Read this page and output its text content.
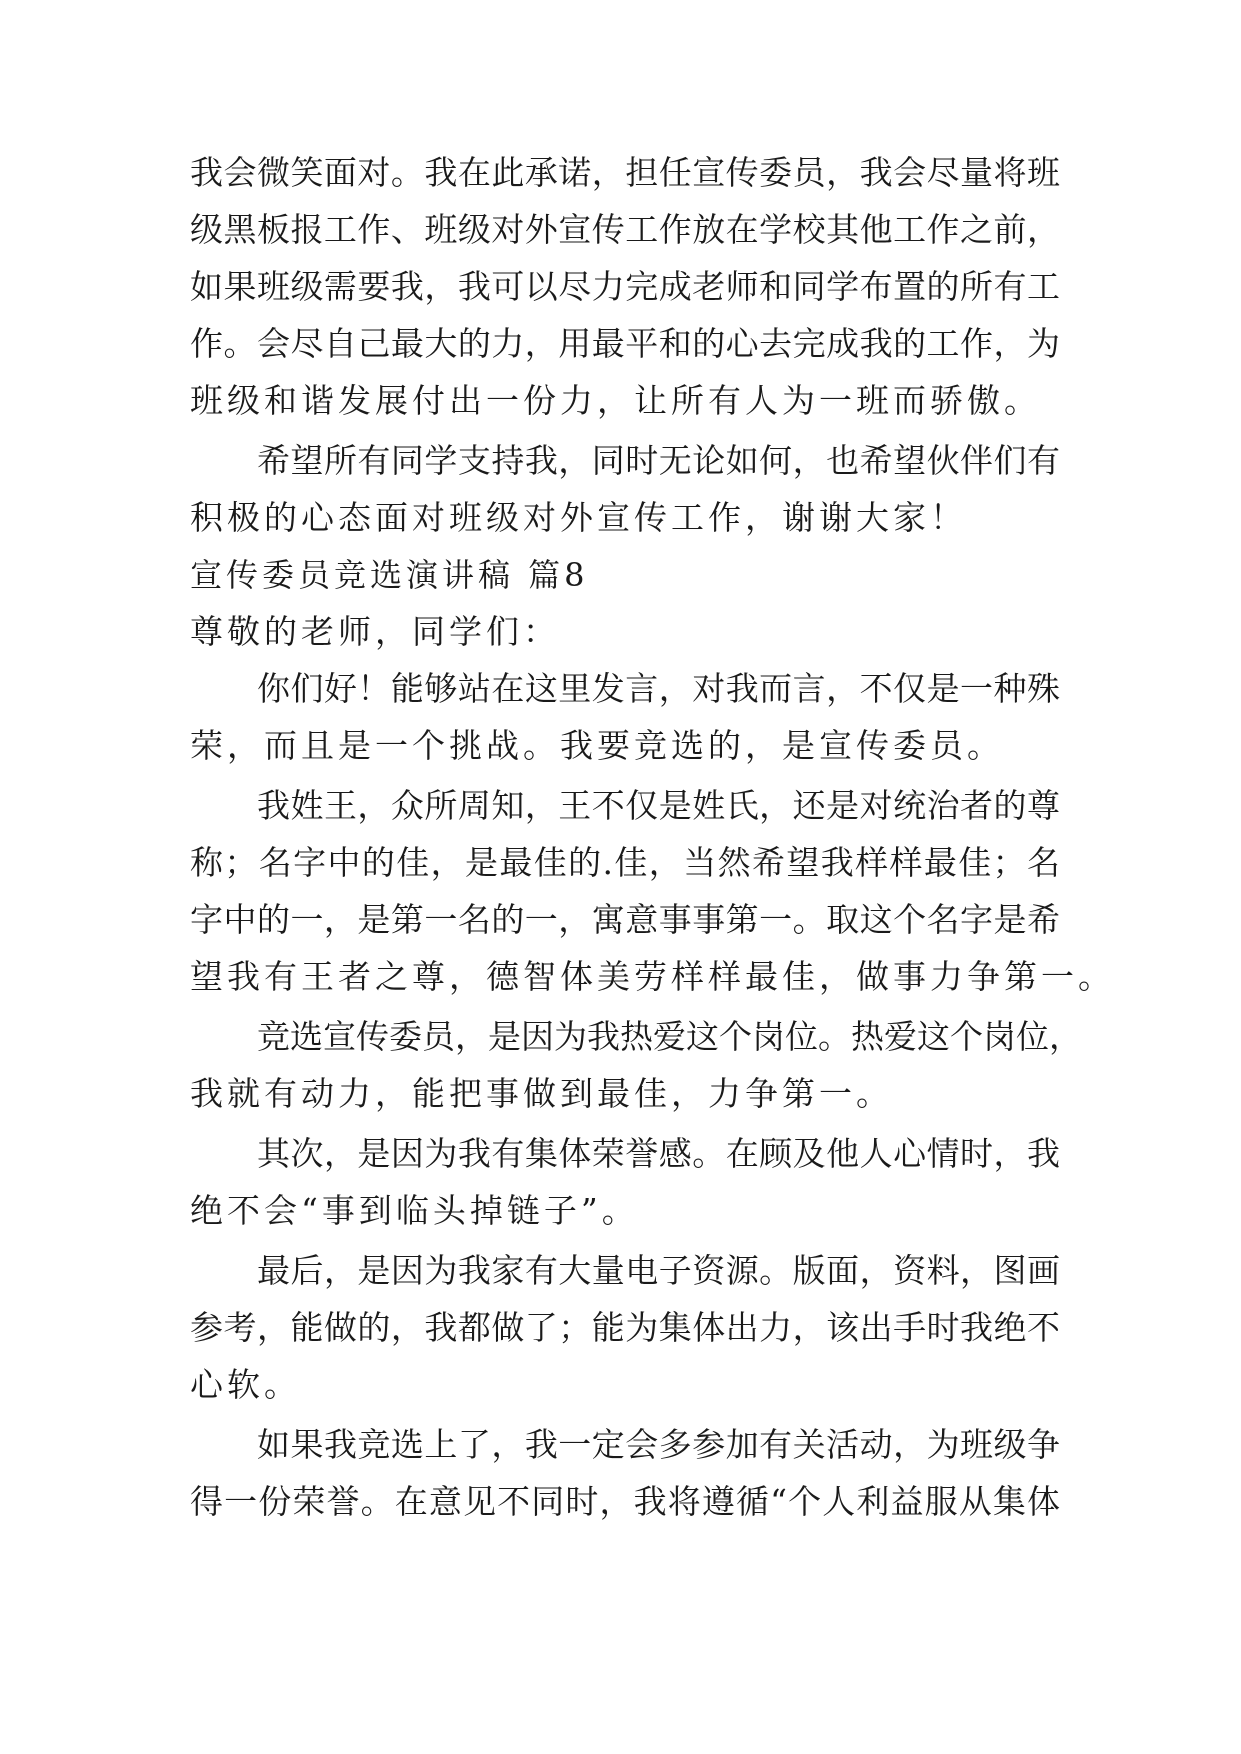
我会微笑面对。我在此承诺，担任宣传委员，我会尽量将班

级黑板报工作、班级对外宣传工作放在学校其他工作之前，

如果班级需要我，我可以尽力完成老师和同学布置的所有工

作。会尽自己最大的力，用最平和的心去完成我的工作，为

班级和谐发展付出一份力，让所有人为一班而骄傲。

希望所有同学支持我，同时无论如何，也希望伙伴们有

积极的心态面对班级对外宣传工作，谢谢大家！

宣传委员竞选演讲稿 篇8

尊敬的老师，同学们：

你们好！能够站在这里发言，对我而言，不仅是一种殊

荣，而且是一个挑战。我要竞选的，是宣传委员。

我姓王，众所周知，王不仅是姓氏，还是对统治者的尊

称；名字中的佳，是最佳的.佳，当然希望我样样最佳；名

字中的一，是第一名的一，寓意事事第一。取这个名字是希

望我有王者之尊，德智体美劳样样最佳，做事力争第一。

竞选宣传委员，是因为我热爱这个岗位。热爱这个岗位，

我就有动力，能把事做到最佳，力争第一。

其次，是因为我有集体荣誉感。在顾及他人心情时，我

绝不会“事到临头掉链子”。

最后，是因为我家有大量电子资源。版面，资料，图画

参考，能做的，我都做了；能为集体出力，该出手时我绝不

心软。

如果我竞选上了，我一定会多参加有关活动，为班级争

得一份荣誉。在意见不同时，我将遵循“个人利益服从集体
